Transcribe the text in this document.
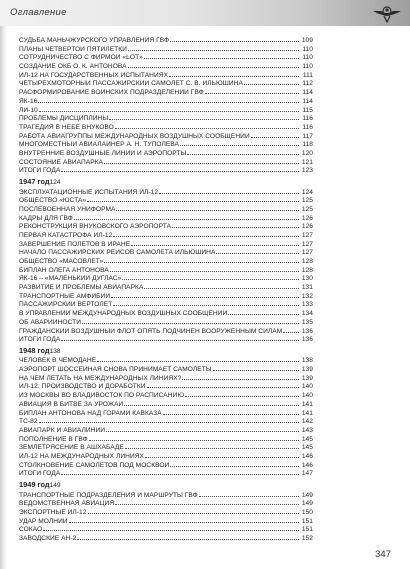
Оглавление
СУДЬБА МАНЬЧЖУРСКОГО УПРАВЛЕНИЯ ГВФ	109
ПЛАНЫ ЧЕТВЕРТОЙ ПЯТИЛЕТКИ	110
СОТРУДНИЧЕСТВО С ФИРМОЙ «LOT»	110
СОЗДАНИЕ ОКБ О. К. АНТОНОВА	110
ИЛ-12 НА ГОСУДАРСТВЕННЫХ ИСПЫТАНИЯХ	111
ЧЕТЫРЕХМОТОРНЫЙ ПАССАЖИРСКИЙ САМОЛЕТ С. В. ИЛЬЮШИНА	112
РАСФОРМИРОВАНИЕ ВОИНСКИХ ПОДРАЗДЕЛЕНИЙ ГВФ	114
ЯК-16	114
ЛИ-10	115
ПРОБЛЕМЫ ДИСЦИПЛИНЫ	116
ТРАГЕДИЯ В НЕБЕ ВНУКОВО	116
РАБОТА АВИАГРУППЫ МЕЖДУНАРОДНЫХ ВОЗДУШНЫХ СООБЩЕНИЙ	117
МНОГОМЕСТНЫЙ АВИАЛАЙНЕР А. Н. ТУПОЛЕВА	118
ВНУТРЕННИЕ ВОЗДУШНЫЕ ЛИНИИ И АЭРОПОРТЫ	120
СОСТОЯНИЕ АВИАПАРКА	121
ИТОГИ ГОДА	123
1947 год 124
ЭКСПЛУАТАЦИОННЫЕ ИСПЫТАНИЯ ИЛ-12	124
ОБЩЕСТВО «ЮСТА»	125
ПОСЛЕВОЕННАЯ УНИФОРМА	125
КАДРЫ ДЛЯ ГВФ	126
РЕКОНСТРУКЦИЯ ВНУКОВСКОГО АЭРОПОРТА	126
ПЕРВАЯ КАТАСТРОФА ИЛ-12	127
ЗАВЕРШЕНИЕ ПОЛЕТОВ В ИРАНЕ	127
НАЧАЛО ПАССАЖИРСКИХ РЕЙСОВ САМОЛЕТА ИЛЬЮШИНА	127
ОБЩЕСТВО «МАСОВЛЕТ»	128
БИПЛАН ОЛЕГА АНТОНОВА	128
ЯК-16 – «МАЛЕНЬКИЙ ДУГЛАС»	130
РАЗВИТИЕ И ПРОБЛЕМЫ АВИАПАРКА	131
ТРАНСПОРТНЫЕ АМФИБИИ	132
ПАССАЖИРСКИЙ ВЕРТОЛЕТ	133
В УПРАВЛЕНИИ МЕЖДУНАРОДНЫХ ВОЗДУШНЫХ СООБЩЕНИЙ	134
ОБ АВАРИЙНОСТИ	135
ГРАЖДАНСКИЙ ВОЗДУШНЫЙ ФЛОТ ОПЯТЬ ПОДЧИНЕН ВООРУЖЕННЫМ СИЛАМ	136
ИТОГИ ГОДА	136
1948 год 138
ЧЕЛОВЕК В ЧЕМОДАНЕ	138
АЭРОПОРТ ШОССЕЙНАЯ СНОВА ПРИНИМАЕТ САМОЛЕТЫ	139
НА ЧЕМ ЛЕТАТЬ НА МЕЖДУНАРОДНЫХ ЛИНИЯХ?	139
ИЛ-12: ПРОИЗВОДСТВО И ДОРАБОТКИ	140
ИЗ МОСКВЫ ВО ВЛАДИВОСТОК ПО РАСПИСАНИЮ	140
АВИАЦИЯ В БИТВЕ ЗА УРОЖАЙ	141
БИПЛАН АНТОНОВА НАД ГОРАМИ КАВКАЗА	141
ТС-82	142
АВИАПАРК И АВИАЛИНИИ	143
ПОПОЛНЕНИЕ В ГВФ	145
ЗЕМЛЕТРЯСЕНИЕ В АШХАБАДЕ	145
ИЛ-12 НА МЕЖДУНАРОДНЫХ ЛИНИЯХ	146
СТОЛКНОВЕНИЕ САМОЛЕТОВ ПОД МОСКВОЙ	146
ИТОГИ ГОДА	147
1949 год 149
ТРАНСПОРТНЫЕ ПОДРАЗДЕЛЕНИЯ И МАРШРУТЫ ГВФ	149
ВЕДОМСТВЕННАЯ АВИАЦИЯ	149
ЭКСПОРТНЫЕ ИЛ-12	150
УДАР МОЛНИИ	151
СОКАО	151
ЗАВОДСКИЕ АН-2	152
347
